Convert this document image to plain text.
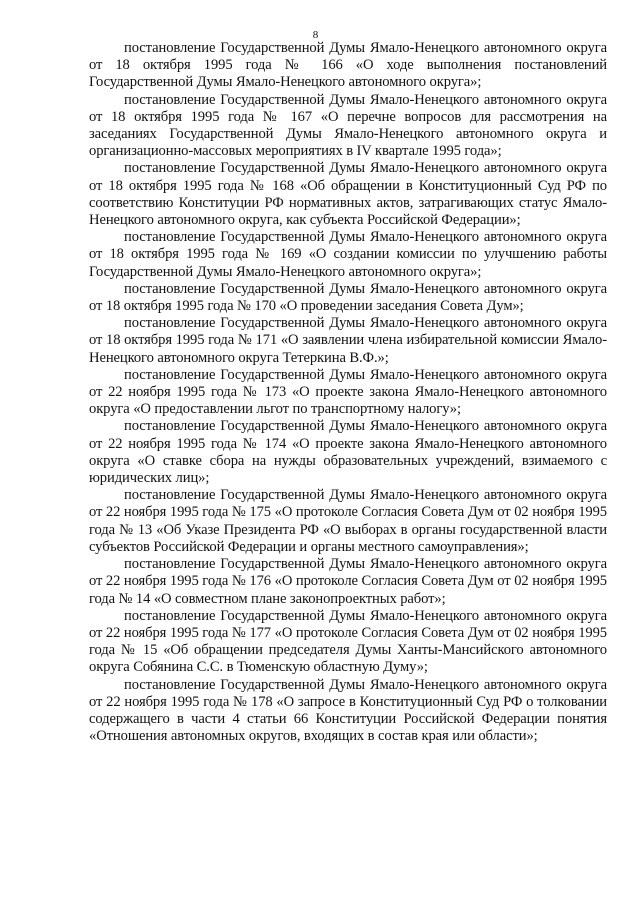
8

постановление Государственной Думы Ямало-Ненецкого автономного округа от 18 октября 1995 года № 166 «О ходе выполнения постановлений Государственной Думы Ямало-Ненецкого автономного округа»;

постановление Государственной Думы Ямало-Ненецкого автономного округа от 18 октября 1995 года № 167 «О перечне вопросов для рассмотрения на заседаниях Государственной Думы Ямало-Ненецкого автономного округа и организационно-массовых мероприятиях в IV квартале 1995 года»;

постановление Государственной Думы Ямало-Ненецкого автономного округа от 18 октября 1995 года № 168 «Об обращении в Конституционный Суд РФ по соответствию Конституции РФ нормативных актов, затрагивающих статус Ямало-Ненецкого автономного округа, как субъекта Российской Федерации»;

постановление Государственной Думы Ямало-Ненецкого автономного округа от 18 октября 1995 года № 169 «О создании комиссии по улучшению работы Государственной Думы Ямало-Ненецкого автономного округа»;

постановление Государственной Думы Ямало-Ненецкого автономного округа от 18 октября 1995 года № 170 «О проведении заседания Совета Дум»;

постановление Государственной Думы Ямало-Ненецкого автономного округа от 18 октября 1995 года № 171 «О заявлении члена избирательной комиссии Ямало-Ненецкого автономного округа Тетеркина В.Ф.»;

постановление Государственной Думы Ямало-Ненецкого автономного округа от 22 ноября 1995 года № 173 «О проекте закона Ямало-Ненецкого автономного округа «О предоставлении льгот по транспортному налогу»;

постановление Государственной Думы Ямало-Ненецкого автономного округа от 22 ноября 1995 года № 174 «О проекте закона Ямало-Ненецкого автономного округа «О ставке сбора на нужды образовательных учреждений, взимаемого с юридических лиц»;

постановление Государственной Думы Ямало-Ненецкого автономного округа от 22 ноября 1995 года № 175 «О протоколе Согласия Совета Дум от 02 ноября 1995 года № 13 «Об Указе Президента РФ «О выборах в органы государственной власти субъектов Российской Федерации и органы местного самоуправления»;

постановление Государственной Думы Ямало-Ненецкого автономного округа от 22 ноября 1995 года № 176 «О протоколе Согласия Совета Дум от 02 ноября 1995 года № 14 «О совместном плане законопроектных работ»;

постановление Государственной Думы Ямало-Ненецкого автономного округа от 22 ноября 1995 года № 177 «О протоколе Согласия Совета Дум от 02 ноября 1995 года № 15 «Об обращении председателя Думы Ханты-Мансийского автономного округа Собянина С.С. в Тюменскую областную Думу»;

постановление Государственной Думы Ямало-Ненецкого автономного округа от 22 ноября 1995 года № 178 «О запросе в Конституционный Суд РФ о толковании содержащего в части 4 статьи 66 Конституции Российской Федерации понятия «Отношения автономных округов, входящих в состав края или области»;
